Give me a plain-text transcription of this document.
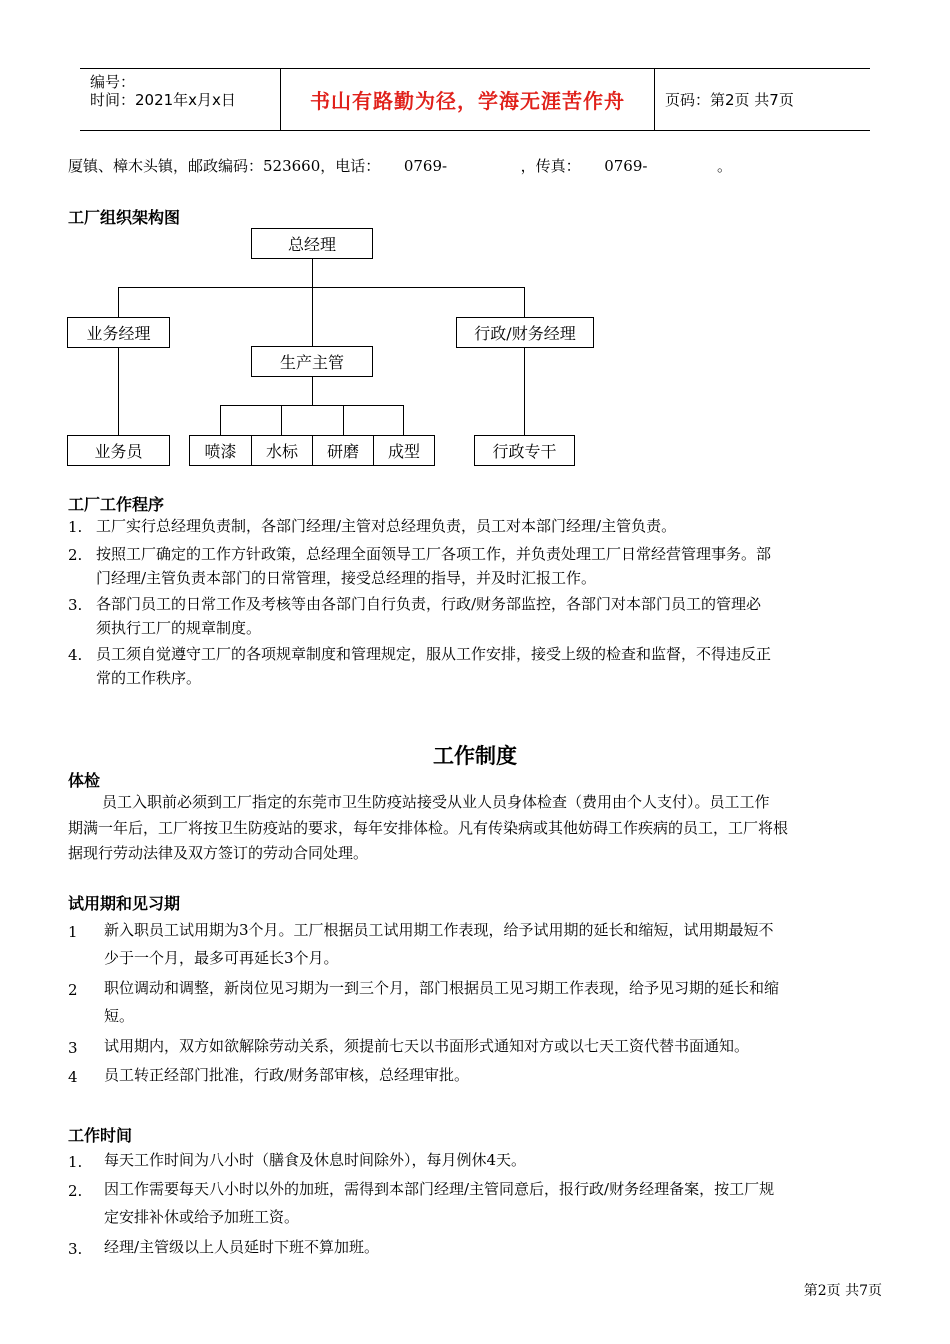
编号：
时间：2021年x月x日	书山有路勤为径，学海无涯苦作舟	页码：第2页 共7页
厦镇、樟木头镇，邮政编码：523660，电话： 0769-	，传真： 0769-	。
工厂组织架构图
总经理
业务经理
生产主管
行政/财务经理
业务员	喷漆	水标	研磨	成型	行政专干
工厂工作程序
1. 工厂实行总经理负责制，各部门经理/主管对总经理负责，员工对本部门经理/主管负责。
2. 按照工厂确定的工作方针政策，总经理全面领导工厂各项工作，并负责处理工厂日常经营管理事务。部
门经理/主管负责本部门的日常管理，接受总经理的指导，并及时汇报工作。
3. 各部门员工的日常工作及考核等由各部门自行负责，行政/财务部监控，各部门对本部门员工的管理必
须执行工厂的规章制度。
4. 员工须自觉遵守工厂的各项规章制度和管理规定，服从工作安排，接受上级的检查和监督，不得违反正
常的工作秩序。
工作制度
体检
员工入职前必须到工厂指定的东莞市卫生防疫站接受从业人员身体检查（费用由个人支付）。员工工作
期满一年后，工厂将按卫生防疫站的要求，每年安排体检。凡有传染病或其他妨碍工作疾病的员工，工厂将根
据现行劳动法律及双方签订的劳动合同处理。
试用期和见习期
1 新入职员工试用期为3个月。工厂根据员工试用期工作表现，给予试用期的延长和缩短，试用期最短不
少于一个月，最多可再延长3个月。
2 职位调动和调整，新岗位见习期为一到三个月，部门根据员工见习期工作表现，给予见习期的延长和缩
短。
3 试用期内，双方如欲解除劳动关系，须提前七天以书面形式通知对方或以七天工资代替书面通知。
4 员工转正经部门批准，行政/财务部审核，总经理审批。
工作时间
1. 每天工作时间为八小时（膳食及休息时间除外），每月例休4天。
2. 因工作需要每天八小时以外的加班，需得到本部门经理/主管同意后，报行政/财务经理备案，按工厂规
定安排补休或给予加班工资。
3. 经理/主管级以上人员延时下班不算加班。
第2页 共7页
